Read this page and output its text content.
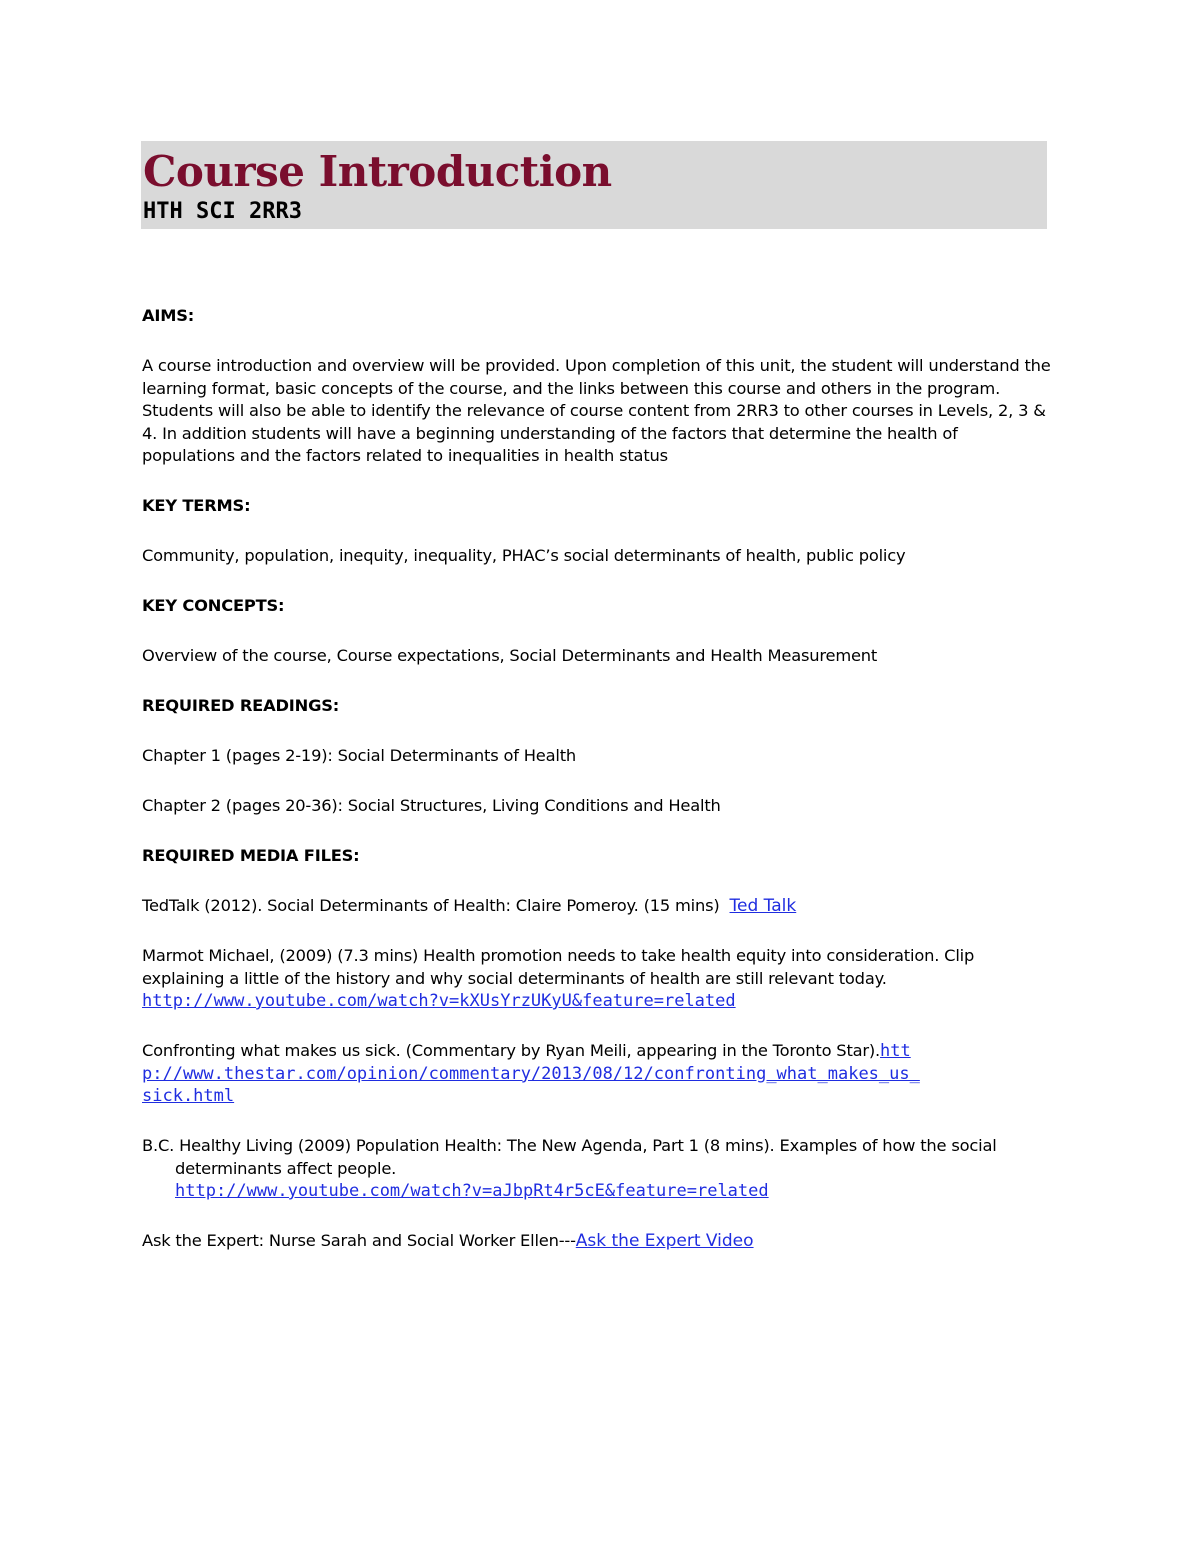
Course Introduction
HTH SCI 2RR3

AIMS:

A course introduction and overview will be provided. Upon completion of this unit, the student will understand the learning format, basic concepts of the course, and the links between this course and others in the program. Students will also be able to identify the relevance of course content from 2RR3 to other courses in Levels, 2, 3 & 4. In addition students will have a beginning understanding of the factors that determine the health of populations and the factors related to inequalities in health status

KEY TERMS:

Community, population, inequity, inequality, PHAC’s social determinants of health, public policy

KEY CONCEPTS:

Overview of the course, Course expectations, Social Determinants and Health Measurement

REQUIRED READINGS:

Chapter 1 (pages 2-19): Social Determinants of Health

Chapter 2 (pages 20-36): Social Structures, Living Conditions and Health

REQUIRED MEDIA FILES:

TedTalk (2012). Social Determinants of Health: Claire Pomeroy. (15 mins) Ted Talk

Marmot Michael, (2009) (7.3 mins) Health promotion needs to take health equity into consideration. Clip explaining a little of the history and why social determinants of health are still relevant today. http://www.youtube.com/watch?v=kXUsYrzUKyU&feature=related

Confronting what makes us sick. (Commentary by Ryan Meili, appearing in the Toronto Star).http://www.thestar.com/opinion/commentary/2013/08/12/confronting_what_makes_us_sick.html

B.C. Healthy Living (2009) Population Health: The New Agenda, Part 1 (8 mins). Examples of how the social determinants affect people.
http://www.youtube.com/watch?v=aJbpRt4r5cE&feature=related

Ask the Expert: Nurse Sarah and Social Worker Ellen---Ask the Expert Video
